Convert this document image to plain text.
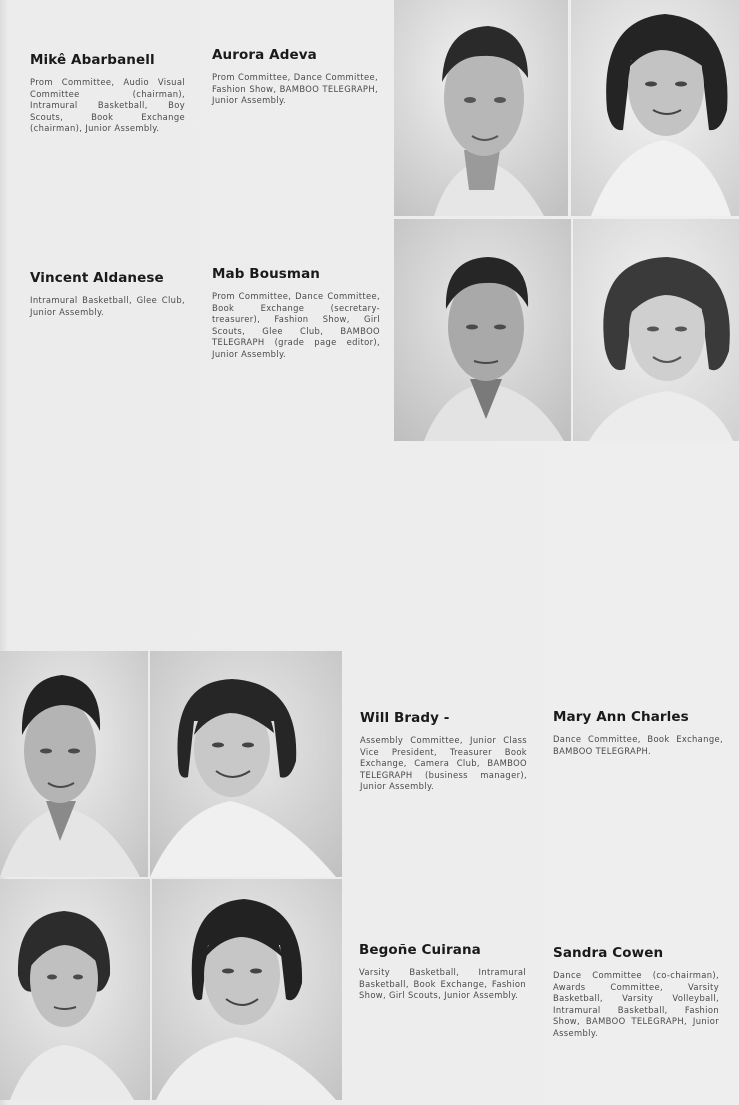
Mikê Abarbanell

Prom Committee, Audio Visual Committee (chairman), Intramural Basketball, Boy Scouts, Book Exchange (chairman), Junior Assembly.

Aurora Adeva

Prom Committee, Dance Committee, Fashion Show, BAMBOO TELEGRAPH, Junior Assembly.

Vincent Aldanese

Intramural Basketball, Glee Club, Junior Assembly.

Mab Bousman

Prom Committee, Dance Committee, Book Exchange (secretary-treasurer), Fashion Show, Girl Scouts, Glee Club, BAMBOO TELEGRAPH (grade page editor), Junior Assembly.

Will Brady -

Assembly Committee, Junior Class Vice President, Treasurer Book Exchange, Camera Club, BAMBOO TELEGRAPH (business manager), Junior Assembly.

Mary Ann Charles

Dance Committee, Book Exchange, BAMBOO TELEGRAPH.

Begoñe Cuirana

Varsity Basketball, Intramural Basketball, Book Exchange, Fashion Show, Girl Scouts, Junior Assembly.

Sandra Cowen

Dance Committee (co-chairman), Awards Committee, Varsity Basketball, Varsity Volleyball, Intramural Basketball, Fashion Show, BAMBOO TELEGRAPH, Junior Assembly.
